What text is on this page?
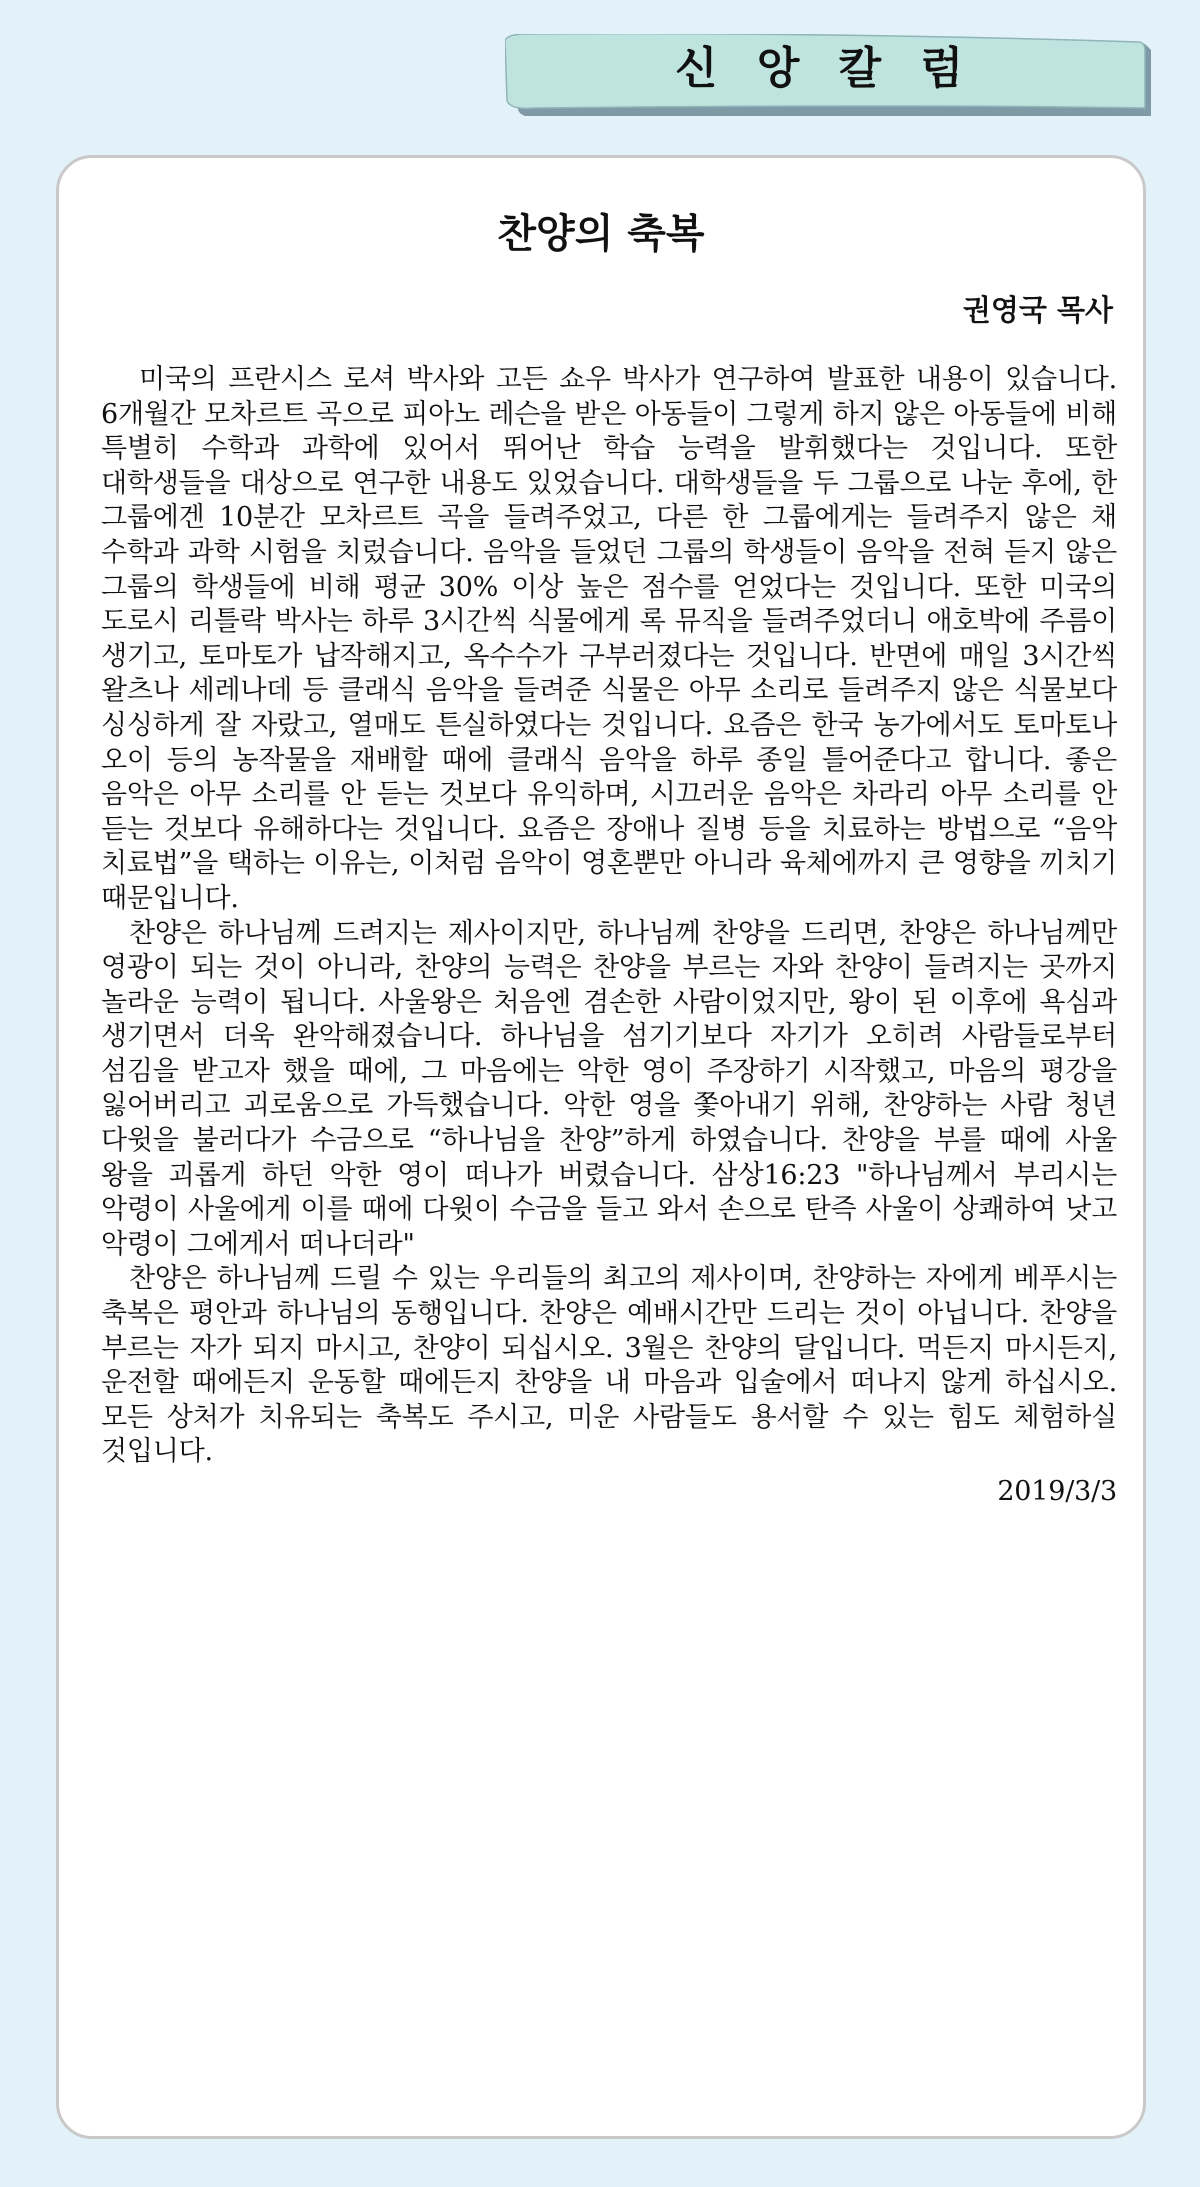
신 앙 칼 럼
찬양의 축복
권영국 목사

미국의 프란시스 로셔 박사와 고든 쇼우 박사가 연구하여 발표한 내용이 있습니다. 6개월간 모차르트 곡으로 피아노 레슨을 받은 아동들이 그렇게 하지 않은 아동들에 비해 특별히 수학과 과학에 있어서 뛰어난 학습 능력을 발휘했다는 것입니다. 또한 대학생들을 대상으로 연구한 내용도 있었습니다. 대학생들을 두 그룹으로 나눈 후에, 한 그룹에겐 10분간 모차르트 곡을 들려주었고, 다른 한 그룹에게는 들려주지 않은 채 수학과 과학 시험을 치렀습니다. 음악을 들었던 그룹의 학생들이 음악을 전혀 듣지 않은 그룹의 학생들에 비해 평균 30% 이상 높은 점수를 얻었다는 것입니다. 또한 미국의 도로시 리틀락 박사는 하루 3시간씩 식물에게 록 뮤직을 들려주었더니 애호박에 주름이 생기고, 토마토가 납작해지고, 옥수수가 구부러졌다는 것입니다. 반면에 매일 3시간씩 왈츠나 세레나데 등 클래식 음악을 들려준 식물은 아무 소리로 들려주지 않은 식물보다 싱싱하게 잘 자랐고, 열매도 튼실하였다는 것입니다. 요즘은 한국 농가에서도 토마토나 오이 등의 농작물을 재배할 때에 클래식 음악을 하루 종일 틀어준다고 합니다. 좋은 음악은 아무 소리를 안 듣는 것보다 유익하며, 시끄러운 음악은 차라리 아무 소리를 안 듣는 것보다 유해하다는 것입니다. 요즘은 장애나 질병 등을 치료하는 방법으로 “음악 치료법”을 택하는 이유는, 이처럼 음악이 영혼뿐만 아니라 육체에까지 큰 영향을 끼치기 때문입니다.

찬양은 하나님께 드려지는 제사이지만, 하나님께 찬양을 드리면, 찬양은 하나님께만 영광이 되는 것이 아니라, 찬양의 능력은 찬양을 부르는 자와 찬양이 들려지는 곳까지 놀라운 능력이 됩니다. 사울왕은 처음엔 겸손한 사람이었지만, 왕이 된 이후에 욕심과 생기면서 더욱 완악해졌습니다. 하나님을 섬기기보다 자기가 오히려 사람들로부터 섬김을 받고자 했을 때에, 그 마음에는 악한 영이 주장하기 시작했고, 마음의 평강을 잃어버리고 괴로움으로 가득했습니다. 악한 영을 쫓아내기 위해, 찬양하는 사람 청년 다윗을 불러다가 수금으로 “하나님을 찬양”하게 하였습니다. 찬양을 부를 때에 사울 왕을 괴롭게 하던 악한 영이 떠나가 버렸습니다. 삼상16:23 "하나님께서 부리시는 악령이 사울에게 이를 때에 다윗이 수금을 들고 와서 손으로 탄즉 사울이 상쾌하여 낫고 악령이 그에게서 떠나더라"

찬양은 하나님께 드릴 수 있는 우리들의 최고의 제사이며, 찬양하는 자에게 베푸시는 축복은 평안과 하나님의 동행입니다. 찬양은 예배시간만 드리는 것이 아닙니다. 찬양을 부르는 자가 되지 마시고, 찬양이 되십시오. 3월은 찬양의 달입니다. 먹든지 마시든지, 운전할 때에든지 운동할 때에든지 찬양을 내 마음과 입술에서 떠나지 않게 하십시오. 모든 상처가 치유되는 축복도 주시고, 미운 사람들도 용서할 수 있는 힘도 체험하실 것입니다.

2019/3/3
